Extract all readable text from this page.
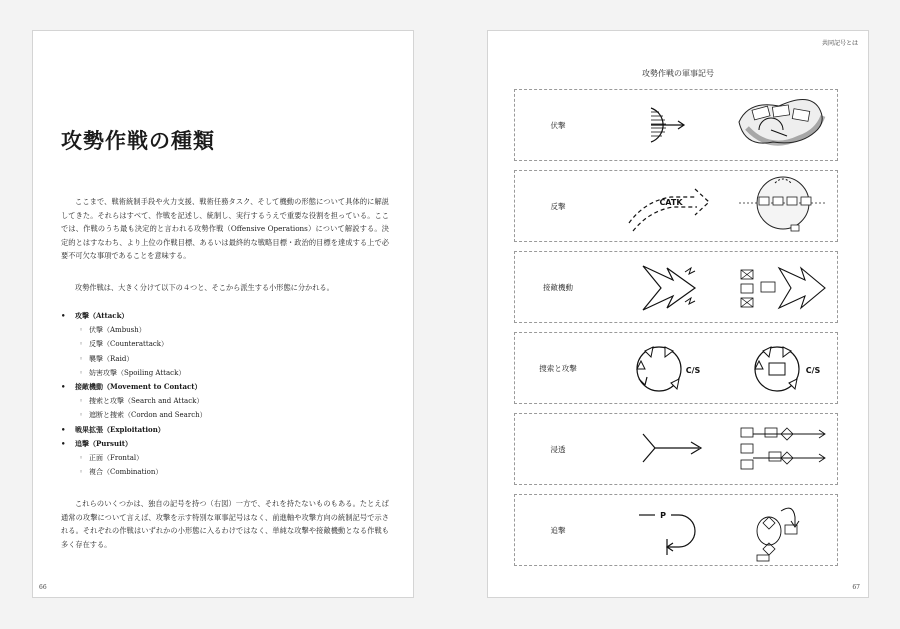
攻勢作戦の種類

ここまで、戦術統制手段や火力支援、戦術任務タスク、そして機動の形態について具体的に解説してきた。それらはすべて、作戦を記述し、統制し、実行するうえで重要な役割を担っている。ここでは、作戦のうち最も決定的と言われる攻勢作戦（Offensive Operations）について解説する。決定的とはすなわち、より上位の作戦目標、あるいは最終的な戦略目標・政治的目標を達成する上で必要不可欠な事項であることを意味する。

攻勢作戦は、大きく分けて以下の４つと、そこから派生する小形態に分かれる。

• 攻撃（Attack）
◦ 伏撃（Ambush）
◦ 反撃（Counterattack）
◦ 襲撃（Raid）
◦ 妨害攻撃（Spoiling Attack）
• 接敵機動（Movement to Contact）
◦ 捜索と攻撃（Search and Attack）
◦ 遮断と捜索（Cordon and Search）
• 戦果拡張（Exploitation）
• 追撃（Pursuit）
◦ 正面（Frontal）
◦ 複合（Combination）

これらのいくつかは、独自の記号を持つ（右図）一方で、それを持たないものもある。たとえば通常の攻撃について言えば、攻撃を示す特別な軍事記号はなく、前進軸や攻撃方向の統制記号で示される。それぞれの作戦はいずれかの小形態に入るわけではなく、単純な攻撃や接敵機動となる作戦も多く存在する。

66
共同記号とは
攻勢作戦の軍事記号
伏撃
反撃	CATK
接敵機動
捜索と攻撃	C/S	C/S
浸透
追撃
P
67
